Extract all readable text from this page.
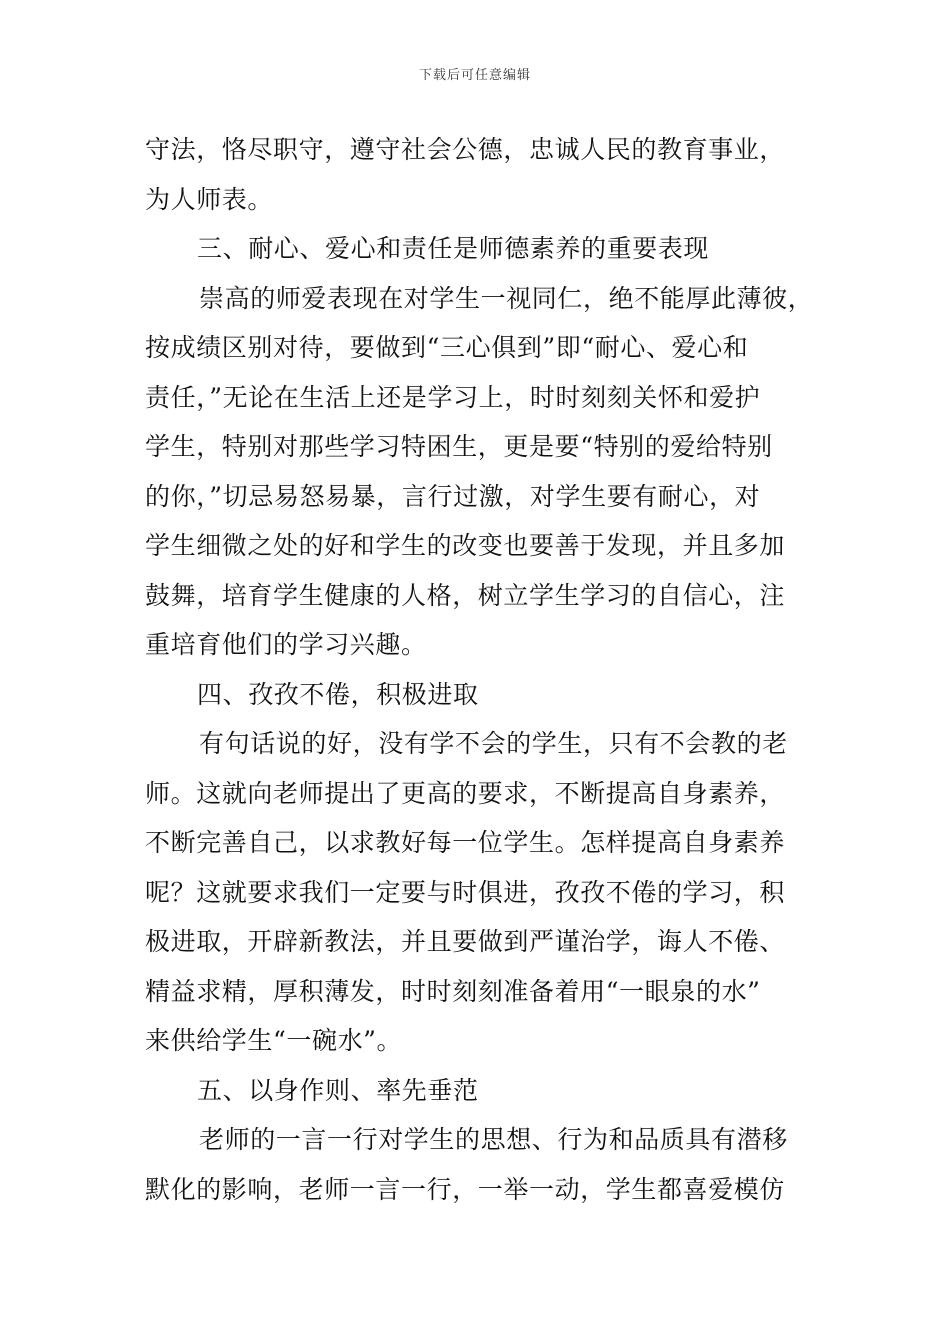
下载后可任意编辑
守法，恪尽职守，遵守社会公德，忠诚人民的教育事业，
为人师表。
三、耐心、爱心和责任是师德素养的重要表现
崇高的师爱表现在对学生一视同仁，绝不能厚此薄彼，
按成绩区别对待，要做到“三心俱到”即“耐心、爱心和
责任，”无论在生活上还是学习上，时时刻刻关怀和爱护
学生，特别对那些学习特困生，更是要“特别的爱给特别
的你，”切忌易怒易暴，言行过激，对学生要有耐心，对
学生细微之处的好和学生的改变也要善于发现，并且多加
鼓舞，培育学生健康的人格，树立学生学习的自信心，注
重培育他们的学习兴趣。
四、孜孜不倦，积极进取
有句话说的好，没有学不会的学生，只有不会教的老
师。这就向老师提出了更高的要求，不断提高自身素养，
不断完善自己，以求教好每一位学生。怎样提高自身素养
呢？这就要求我们一定要与时俱进，孜孜不倦的学习，积
极进取，开辟新教法，并且要做到严谨治学，诲人不倦、
精益求精，厚积薄发，时时刻刻准备着用“一眼泉的水”
来供给学生“一碗水”。
五、以身作则、率先垂范
老师的一言一行对学生的思想、行为和品质具有潜移
默化的影响，老师一言一行，一举一动，学生都喜爱模仿
